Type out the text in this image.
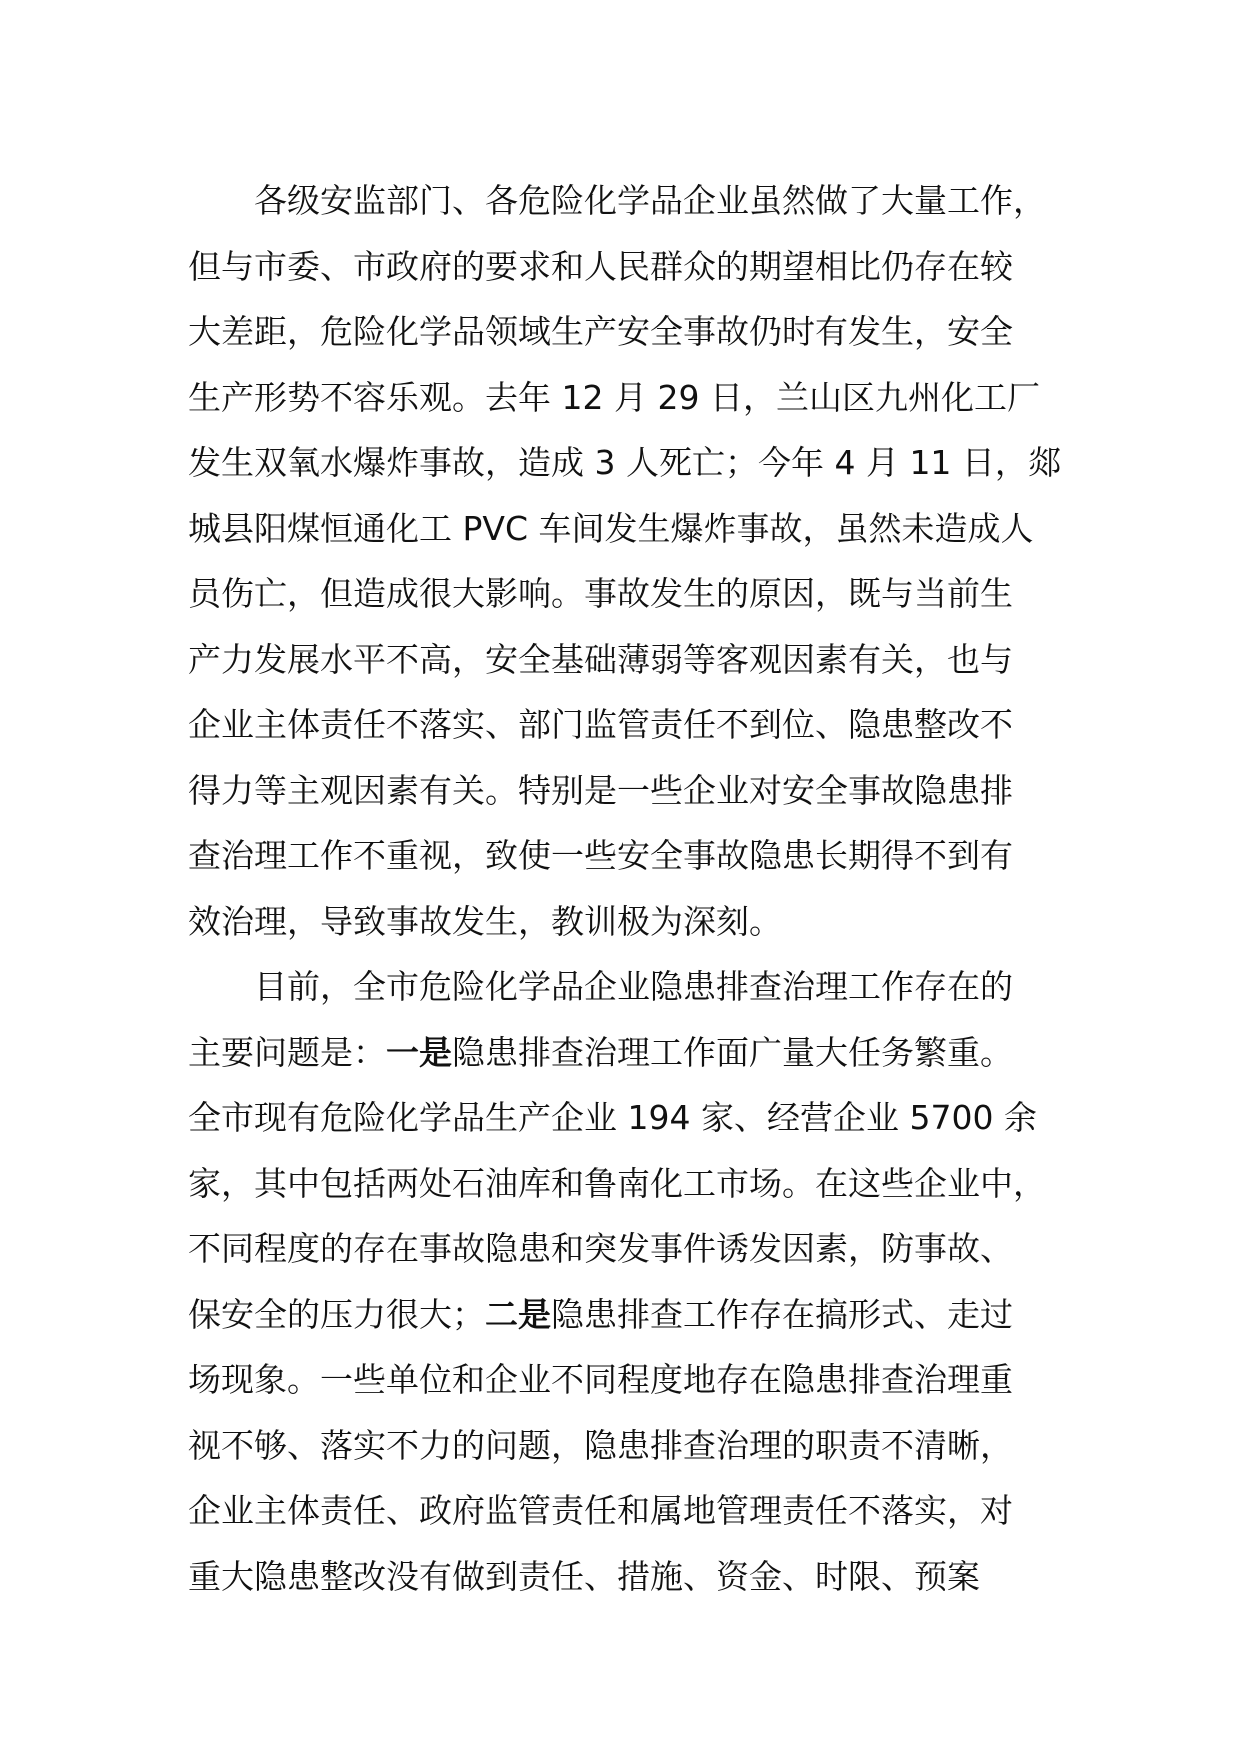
各级安监部门、各危险化学品企业虽然做了大量工作，
但与市委、市政府的要求和人民群众的期望相比仍存在较
大差距，危险化学品领域生产安全事故仍时有发生，安全
生产形势不容乐观。去年 12 月 29 日，兰山区九州化工厂
发生双氧水爆炸事故，造成 3 人死亡；今年 4 月 11 日，郯
城县阳煤恒通化工 PVC 车间发生爆炸事故，虽然未造成人
员伤亡，但造成很大影响。事故发生的原因，既与当前生
产力发展水平不高，安全基础薄弱等客观因素有关，也与
企业主体责任不落实、部门监管责任不到位、隐患整改不
得力等主观因素有关。特别是一些企业对安全事故隐患排
查治理工作不重视，致使一些安全事故隐患长期得不到有
效治理，导致事故发生，教训极为深刻。
目前，全市危险化学品企业隐患排查治理工作存在的
主要问题是：一是隐患排查治理工作面广量大任务繁重。
全市现有危险化学品生产企业 194 家、经营企业 5700 余
家，其中包括两处石油库和鲁南化工市场。在这些企业中，
不同程度的存在事故隐患和突发事件诱发因素，防事故、
保安全的压力很大；二是隐患排查工作存在搞形式、走过
场现象。一些单位和企业不同程度地存在隐患排查治理重
视不够、落实不力的问题，隐患排查治理的职责不清晰，
企业主体责任、政府监管责任和属地管理责任不落实，对
重大隐患整改没有做到责任、措施、资金、时限、预案
